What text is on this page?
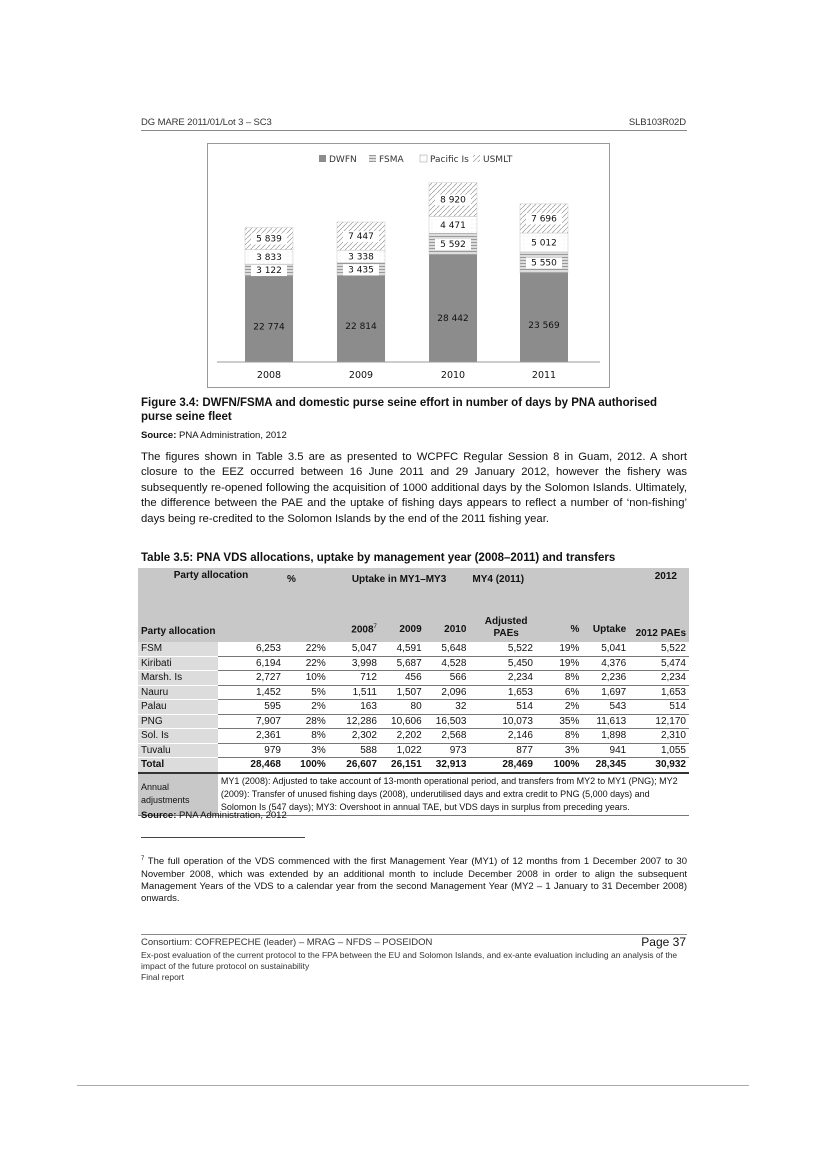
DG MARE 2011/01/Lot 3 – SC3	SLB103R02D
DWFN FSMA	Pacific Is USMLT
22 774
3 122
3 833
5 839
22 814
3 435
3 338
7 447
28 442
5 592
4 471
8 920
23 569
5 550
5 012
7 696
2008	2009	2010	2011
Figure 3.4: DWFN/FSMA and domestic purse seine effort in number of days by PNA authorised purse seine fleet
Source: PNA Administration, 2012
The figures shown in Table 3.5 are as presented to WCPFC Regular Session 8 in Guam, 2012. A short closure to the EEZ occurred between 16 June 2011 and 29 January 2012, however the fishery was subsequently re-opened following the acquisition of 1000 additional days by the Solomon Islands. Ultimately, the difference between the PAE and the uptake of fishing days appears to reflect a number of ‘non-fishing’ days being re-credited to the Solomon Islands by the end of the 2011 fishing year.
Table 3.5: PNA VDS allocations, uptake by management year (2008–2011) and transfers
Party allocation		%	Uptake in MY1–MY3			MY4 (2011)		2012	
Party allocation			2008$^7$	2009	2010	Adjusted PAEs	%	Uptake	2012 PAEs
FSM	6,253	22%	5,047	4,591	5,648	5,522	19%	5,041	5,522
Kiribati	6,194	22%	3,998	5,687	4,528	5,450	19%	4,376	5,474
Marsh. Is	2,727	10%	712	456	566	2,234	8%	2,236	2,234
Nauru	1,452	5%	1,511	1,507	2,096	1,653	6%	1,697	1,653
Palau	595	2%	163	80	32	514	2%	543	514
PNG	7,907	28%	12,286	10,606	16,503	10,073	35%	11,613	12,170
Sol. Is	2,361	8%	2,302	2,202	2,568	2,146	8%	1,898	2,310
Tuvalu	979	3%	588	1,022	973	877	3%	941	1,055
Total	28,468	100%	26,607	26,151	32,913	28,469	100%	28,345	30,932
Annual adjustments	MY1 (2008): Adjusted to take account of 13-month operational period, and transfers from MY2 to MY1 (PNG); MY2 (2009): Transfer of unused fishing days (2008), underutilised days and extra credit to PNG (5,000 days) and Solomon Is (547 days); MY3: Overshoot in annual TAE, but VDS days in surplus from preceding years.								
Source: PNA Administration, 2012
$^7$ The full operation of the VDS commenced with the first Management Year (MY1) of 12 months from 1 December 2007 to 30 November 2008, which was extended by an additional month to include December 2008 in order to align the subsequent Management Years of the VDS to a calendar year from the second Management Year (MY2 – 1 January to 31 December 2008) onwards.
Consortium: COFREPECHE (leader) – MRAG – NFDS – POSEIDON	Page 37
Ex-post evaluation of the current protocol to the FPA between the EU and Solomon Islands, and ex-ante evaluation including an analysis of the impact of the future protocol on sustainability
Final report
